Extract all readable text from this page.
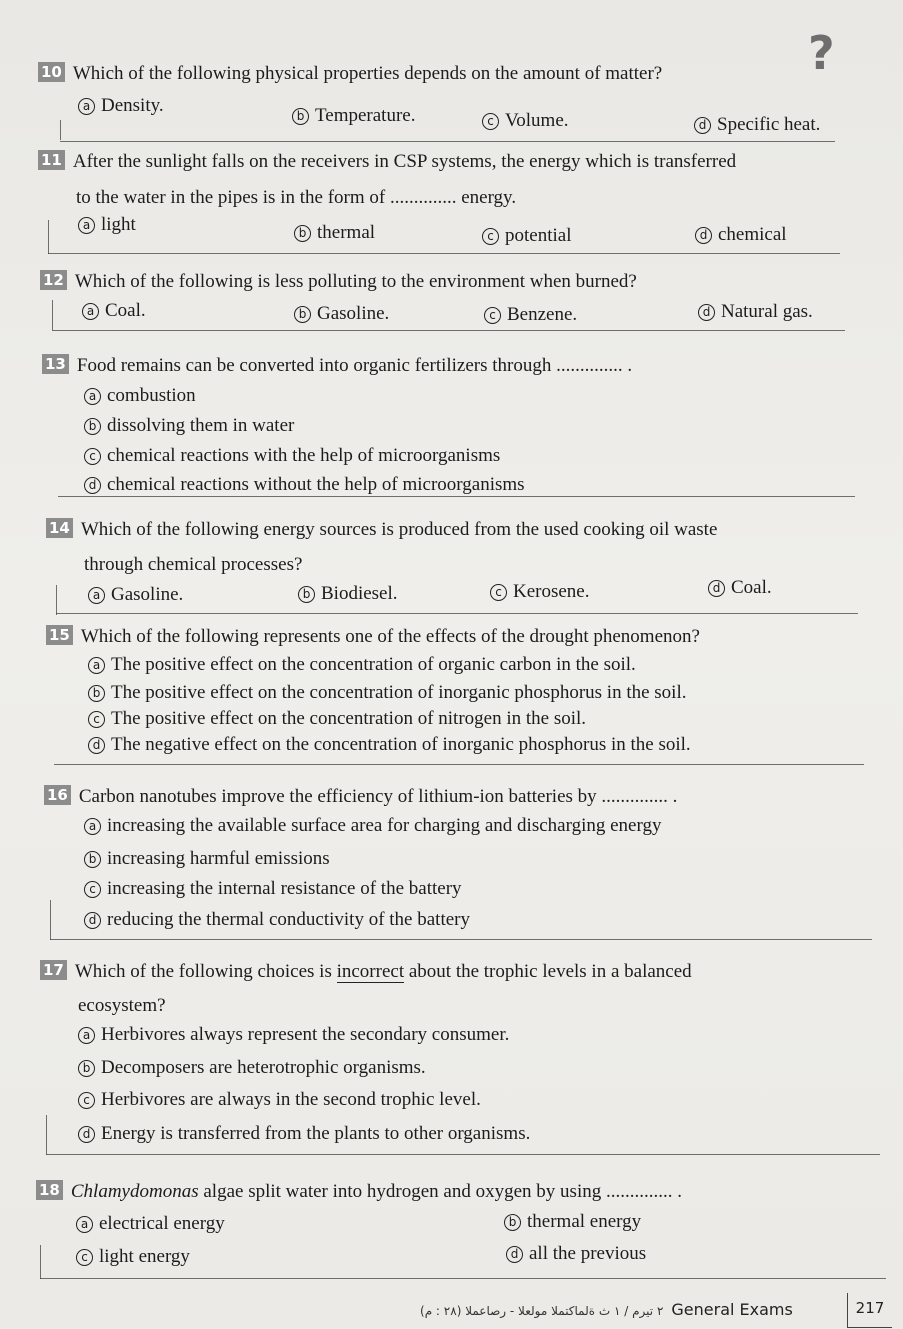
?
10 Which of the following physical properties depends on the amount of matter?
a Density.	b Temperature.	c Volume.	d Specific heat.
11 After the sunlight falls on the receivers in CSP systems, the energy which is transferred
to the water in the pipes is in the form of .............. energy.
a light	b thermal	c potential	d chemical
12 Which of the following is less polluting to the environment when burned?
a Coal.	b Gasoline.	c Benzene.	d Natural gas.
13 Food remains can be converted into organic fertilizers through .............. .
a combustion
b dissolving them in water
c chemical reactions with the help of microorganisms
d chemical reactions without the help of microorganisms
14 Which of the following energy sources is produced from the used cooking oil waste
through chemical processes?
a Gasoline.	b Biodiesel.	c Kerosene.	d Coal.
15 Which of the following represents one of the effects of the drought phenomenon?
a The positive effect on the concentration of organic carbon in the soil.
b The positive effect on the concentration of inorganic phosphorus in the soil.
c The positive effect on the concentration of nitrogen in the soil.
d The negative effect on the concentration of inorganic phosphorus in the soil.
16 Carbon nanotubes improve the efficiency of lithium-ion batteries by .............. .
a increasing the available surface area for charging and discharging energy
b increasing harmful emissions
c increasing the internal resistance of the battery
d reducing the thermal conductivity of the battery
17 Which of the following choices is incorrect about the trophic levels in a balanced
ecosystem?
a Herbivores always represent the secondary consumer.
b Decomposers are heterotrophic organisms.
c Herbivores are always in the second trophic level.
d Energy is transferred from the plants to other organisms.
18 Chlamydomonas algae split water into hydrogen and oxygen by using .............. .
a electrical energy	b thermal energy
c light energy	d all the previous
(٢٨ : م) ٢ تيرم / ١ ث ةلماكتملا مولعلا - رصاعملا General Exams	217
